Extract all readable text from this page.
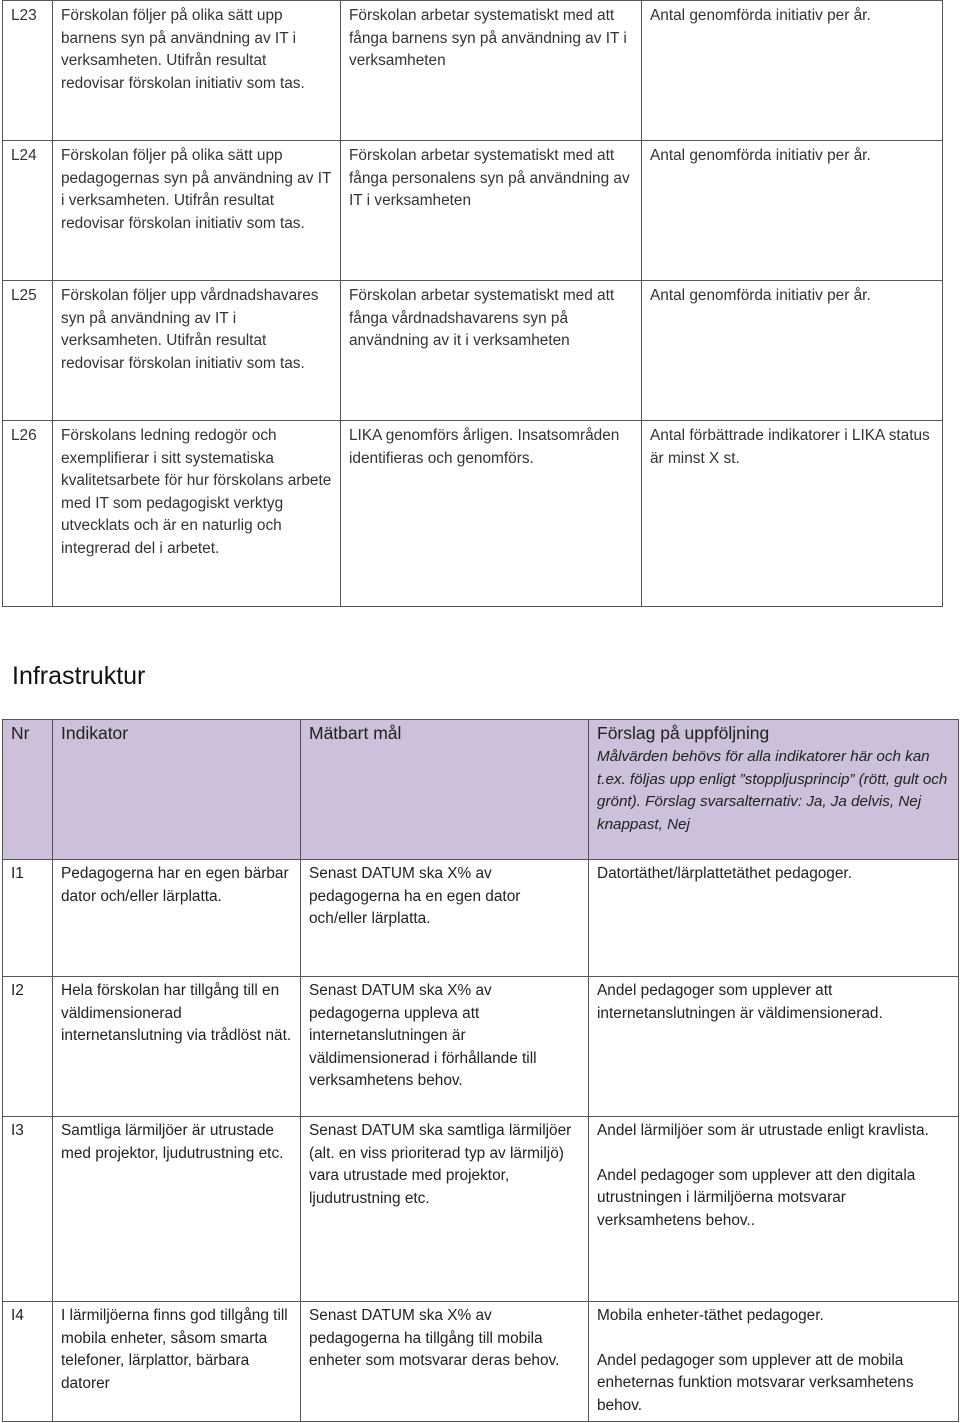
L23	Förskolan följer på olika sätt upp barnens syn på användning av IT i verksamheten. Utifrån resultat redovisar förskolan initiativ som tas.	Förskolan arbetar systematiskt med att fånga barnens syn på användning av IT i verksamheten	Antal genomförda initiativ per år.
L24	Förskolan följer på olika sätt upp pedagogernas syn på användning av IT i verksamheten. Utifrån resultat redovisar förskolan initiativ som tas.	Förskolan arbetar systematiskt med att fånga personalens syn på användning av IT i verksamheten	Antal genomförda initiativ per år.
L25	Förskolan följer upp vårdnadshavares syn på användning av IT i verksamheten. Utifrån resultat redovisar förskolan initiativ som tas.	Förskolan arbetar systematiskt med att fånga vårdnadshavarens syn på användning av it i verksamheten	Antal genomförda initiativ per år.
L26	Förskolans ledning redogör och exemplifierar i sitt systematiska kvalitetsarbete för hur förskolans arbete med IT som pedagogiskt verktyg utvecklats och är en naturlig och integrerad del i arbetet.	LIKA genomförs årligen. Insatsområden identifieras och genomförs.	Antal förbättrade indikatorer i LIKA status är minst X st.
Infrastruktur
Nr	Indikator	Mätbart mål	Förslag på uppföljning
Målvärden behövs för alla indikatorer här och kan t.ex. följas upp enligt ”stoppljusprincip” (rött, gult och grönt). Förslag svarsalternativ: Ja, Ja delvis, Nej knappast, Nej

I1	Pedagogerna har en egen bärbar dator och/eller lärplatta.	Senast DATUM ska X% av pedagogerna ha en egen dator och/eller lärplatta.	Datortäthet/lärplattetäthet pedagoger.

I2	Hela förskolan har tillgång till en väldimensionerad internetanslutning via trådlöst nät.	Senast DATUM ska X% av pedagogerna uppleva att internetanslutningen är väldimensionerad i förhållande till verksamhetens behov.	Andel pedagoger som upplever att internetanslutningen är väldimensionerad.

I3	Samtliga lärmiljöer är utrustade med projektor, ljudutrustning etc.	Senast DATUM ska samtliga lärmiljöer (alt. en viss prioriterad typ av lärmiljö) vara utrustade med projektor, ljudutrustning etc.	Andel lärmiljöer som är utrustade enligt kravlista.
Andel pedagoger som upplever att den digitala utrustningen i lärmiljöerna motsvarar verksamhetens behov..

I4	I lärmiljöerna finns god tillgång till mobila enheter, såsom smarta telefoner, lärplattor, bärbara datorer	Senast DATUM ska X% av pedagogerna ha tillgång till mobila enheter som motsvarar deras behov.	Mobila enheter-täthet pedagoger.
Andel pedagoger som upplever att de mobila enheternas funktion motsvarar verksamhetens behov.
